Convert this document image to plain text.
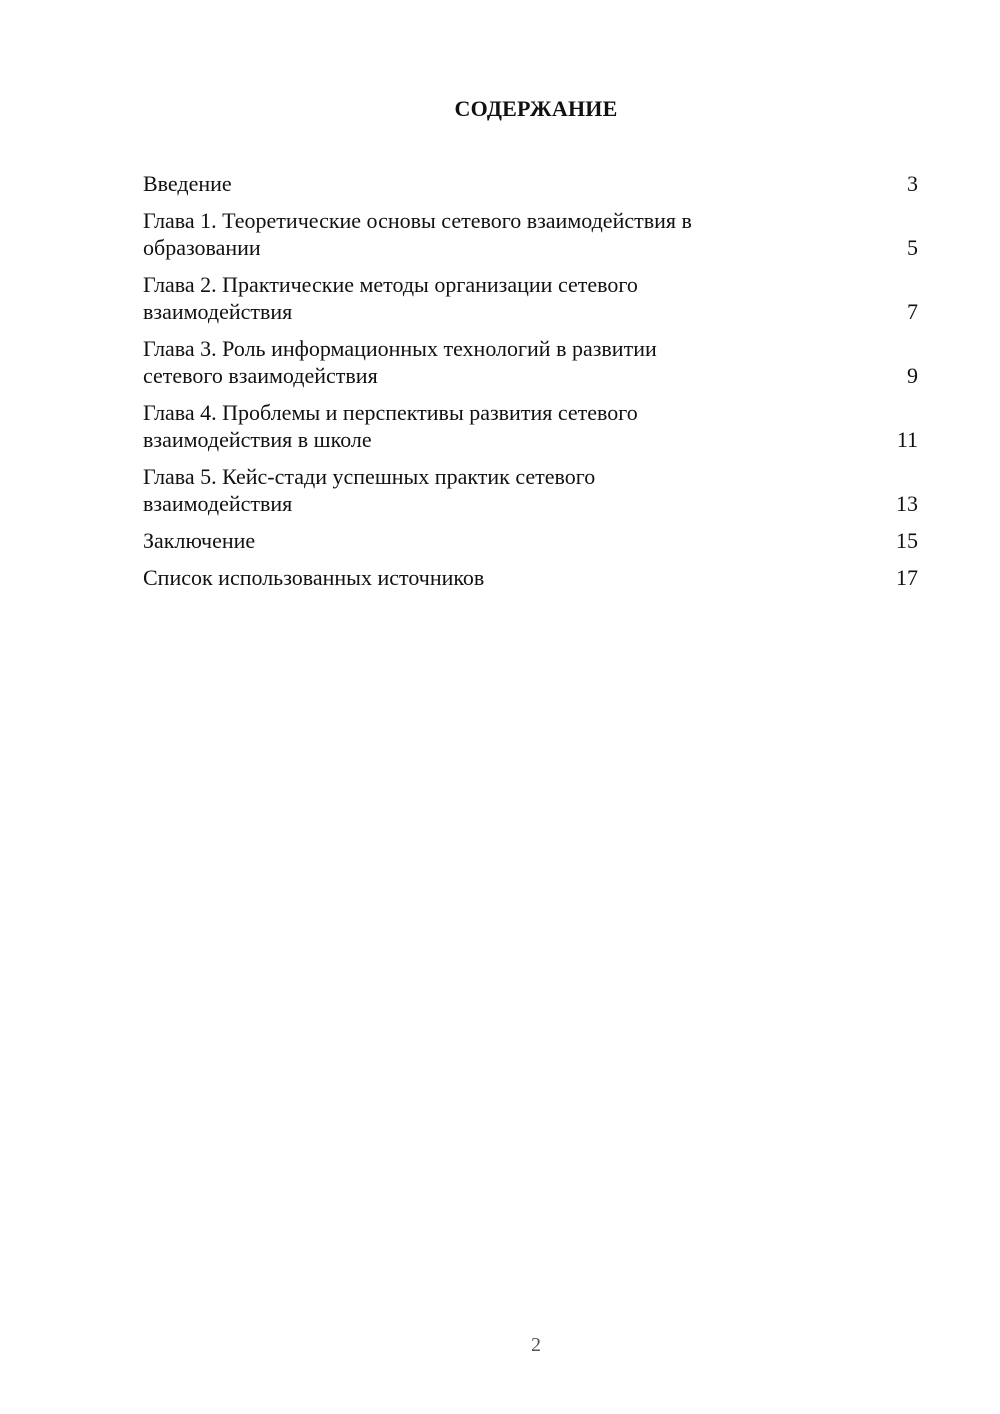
СОДЕРЖАНИЕ
Введение	3
Глава 1. Теоретические основы сетевого взаимодействия в
образовании	5
Глава 2. Практические методы организации сетевого
взаимодействия	7
Глава 3. Роль информационных технологий в развитии
сетевого взаимодействия	9
Глава 4. Проблемы и перспективы развития сетевого
взаимодействия в школе	11
Глава 5. Кейс-стади успешных практик сетевого
взаимодействия	13
Заключение	15
Список использованных источников	17
2
